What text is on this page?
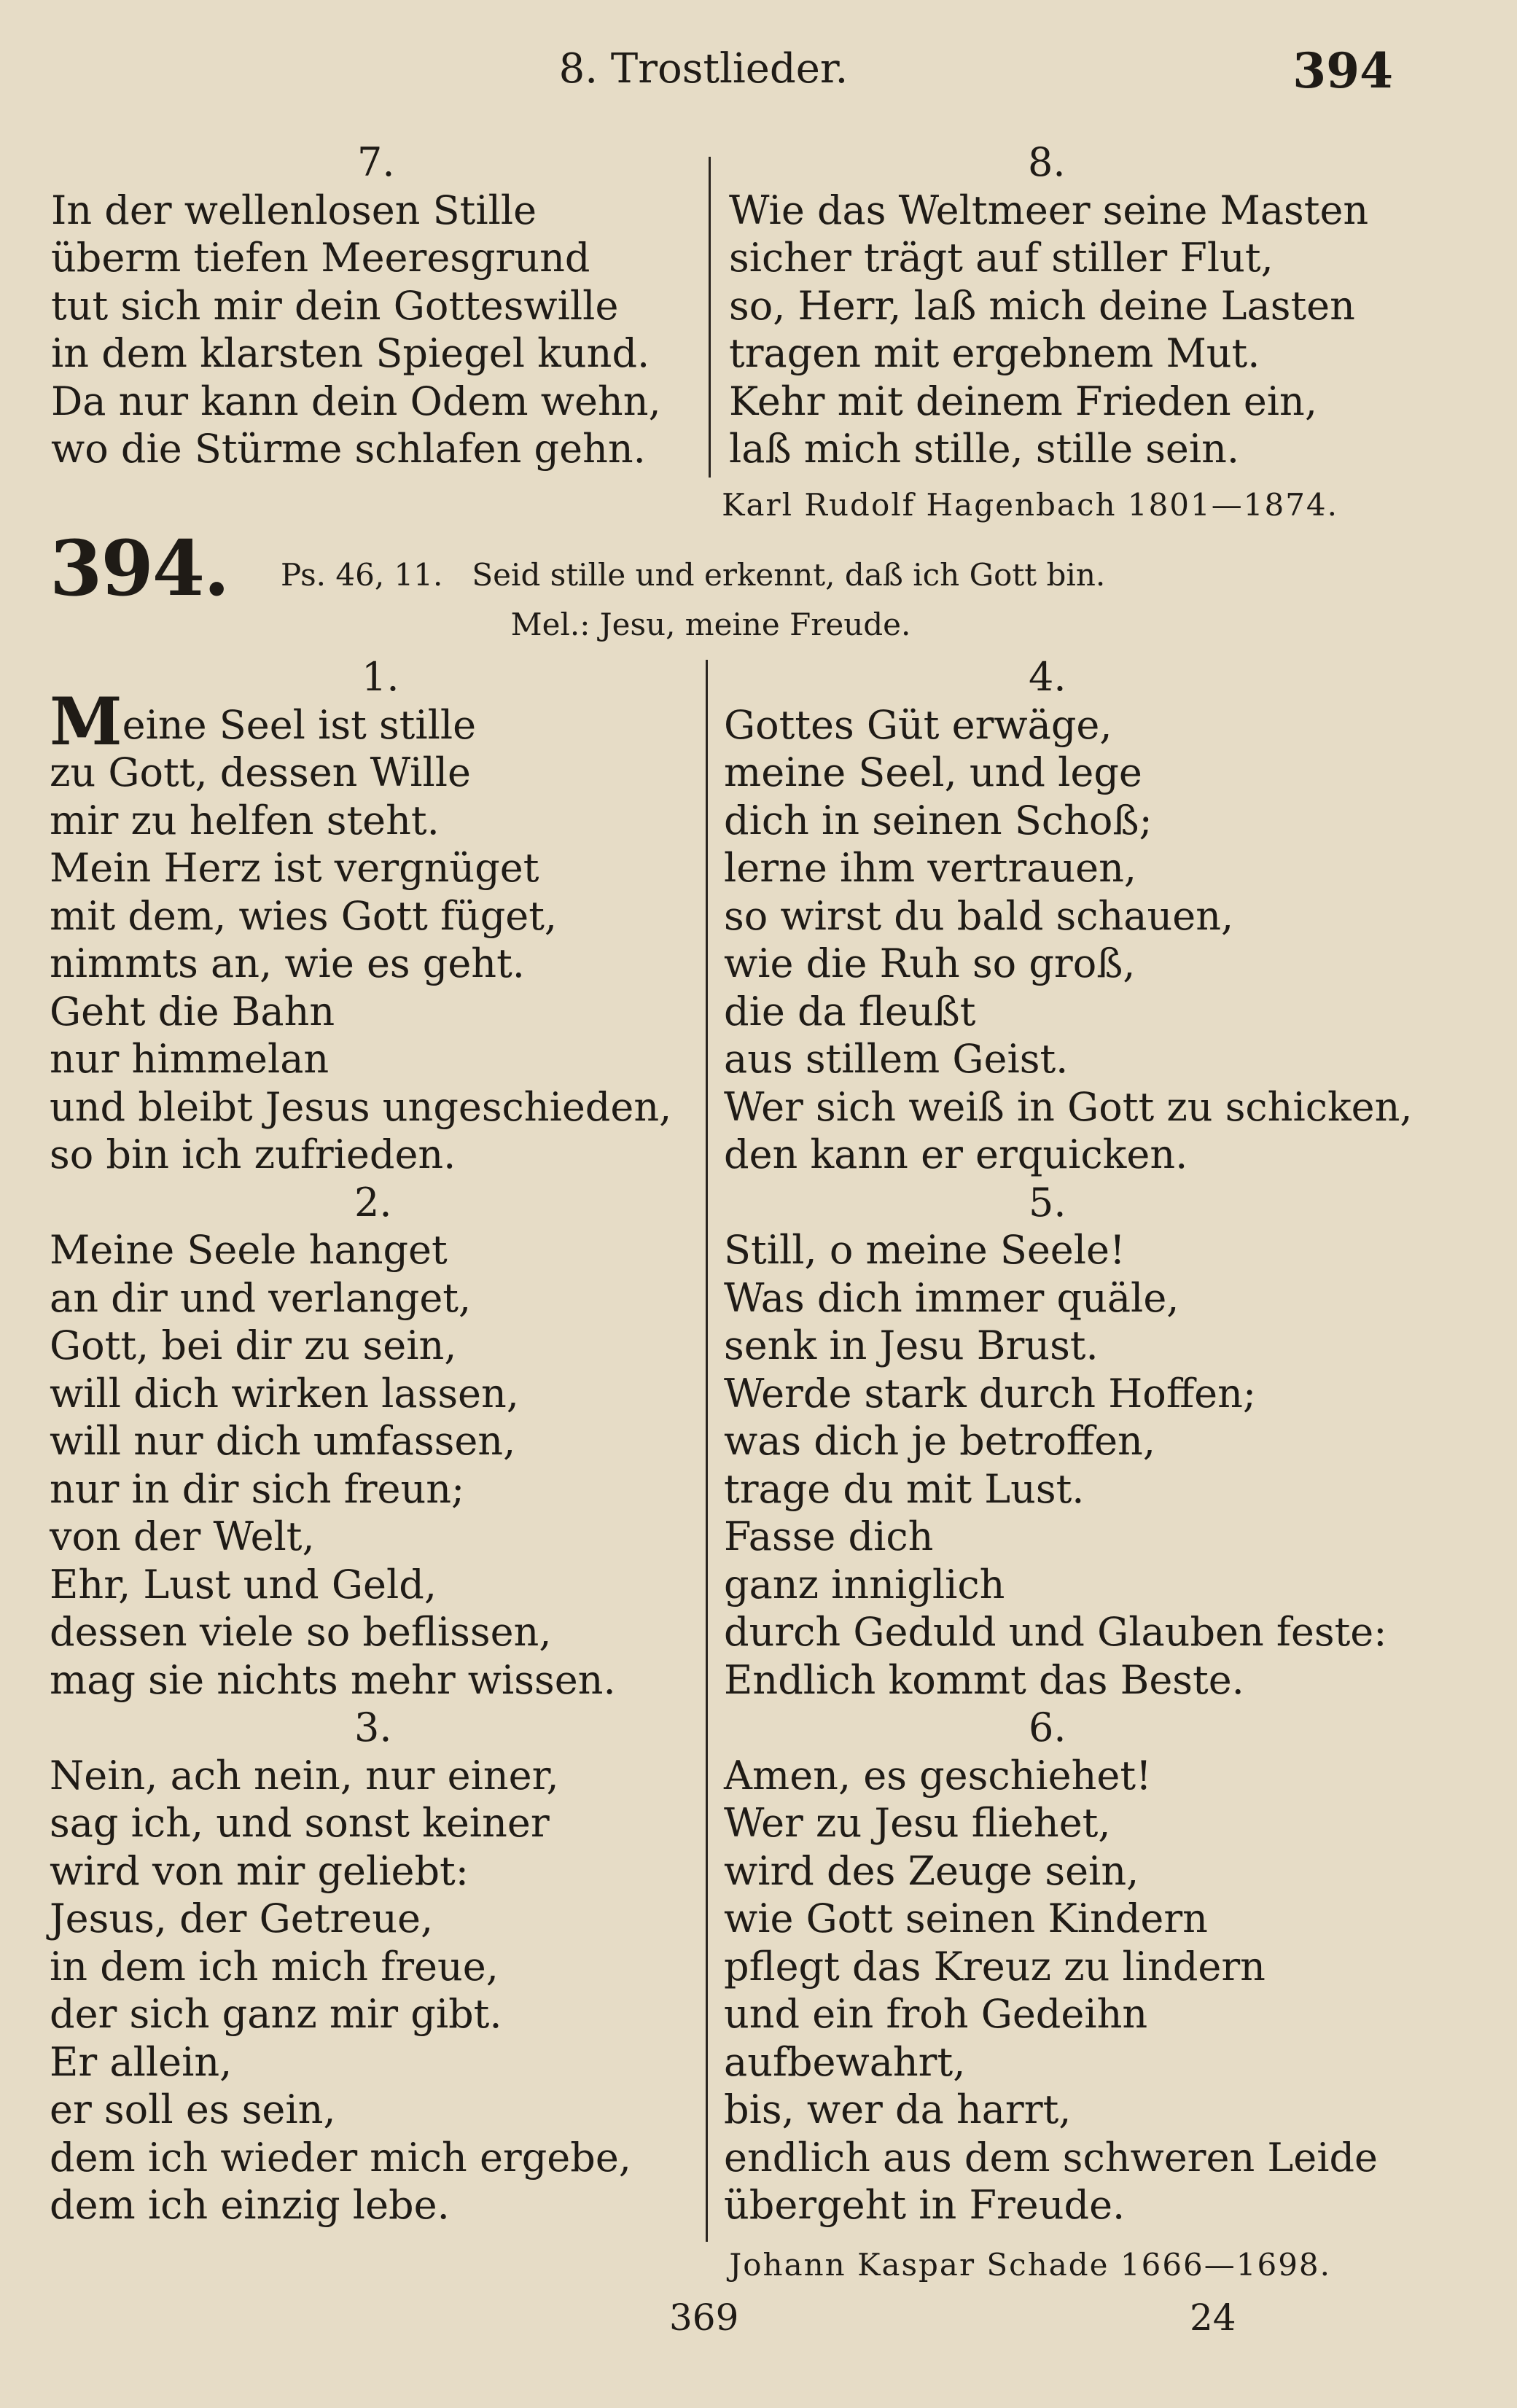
8. Trostlieder.	394
7.
In der wellenlosen Stille
überm tiefen Meeresgrund
tut sich mir dein Gotteswille
in dem klarsten Spiegel kund.
Da nur kann dein Odem wehn,
wo die Stürme schlafen gehn.
8.
Wie das Weltmeer seine Masten
sicher trägt auf stiller Flut,
so, Herr, laß mich deine Lasten
tragen mit ergebnem Mut.
Kehr mit deinem Frieden ein,
laß mich stille, stille sein.
Karl Rudolf Hagenbach 1801—1874.
394. Ps. 46, 11. Seid stille und erkennt, daß ich Gott bin.
Mel.: Jesu, meine Freude.
1.
Meine Seel ist stille
zu Gott, dessen Wille
mir zu helfen steht.
Mein Herz ist vergnüget
mit dem, wies Gott füget,
nimmts an, wie es geht.
Geht die Bahn
nur himmelan
und bleibt Jesus ungeschieden,
so bin ich zufrieden.
2.
Meine Seele hanget
an dir und verlanget,
Gott, bei dir zu sein,
will dich wirken lassen,
will nur dich umfassen,
nur in dir sich freun;
von der Welt,
Ehr, Lust und Geld,
dessen viele so beflissen,
mag sie nichts mehr wissen.
3.
Nein, ach nein, nur einer,
sag ich, und sonst keiner
wird von mir geliebt:
Jesus, der Getreue,
in dem ich mich freue,
der sich ganz mir gibt.
Er allein,
er soll es sein,
dem ich wieder mich ergebe,
dem ich einzig lebe.
4.
Gottes Güt erwäge,
meine Seel, und lege
dich in seinen Schoß;
lerne ihm vertrauen,
so wirst du bald schauen,
wie die Ruh so groß,
die da fleußt
aus stillem Geist.
Wer sich weiß in Gott zu schicken,
den kann er erquicken.
5.
Still, o meine Seele!
Was dich immer quäle,
senk in Jesu Brust.
Werde stark durch Hoffen;
was dich je betroffen,
trage du mit Lust.
Fasse dich
ganz inniglich
durch Geduld und Glauben feste:
Endlich kommt das Beste.
6.
Amen, es geschiehet!
Wer zu Jesu fliehet,
wird des Zeuge sein,
wie Gott seinen Kindern
pflegt das Kreuz zu lindern
und ein froh Gedeihn
aufbewahrt,
bis, wer da harrt,
endlich aus dem schweren Leide
übergeht in Freude.
Johann Kaspar Schade 1666—1698.
369	24
